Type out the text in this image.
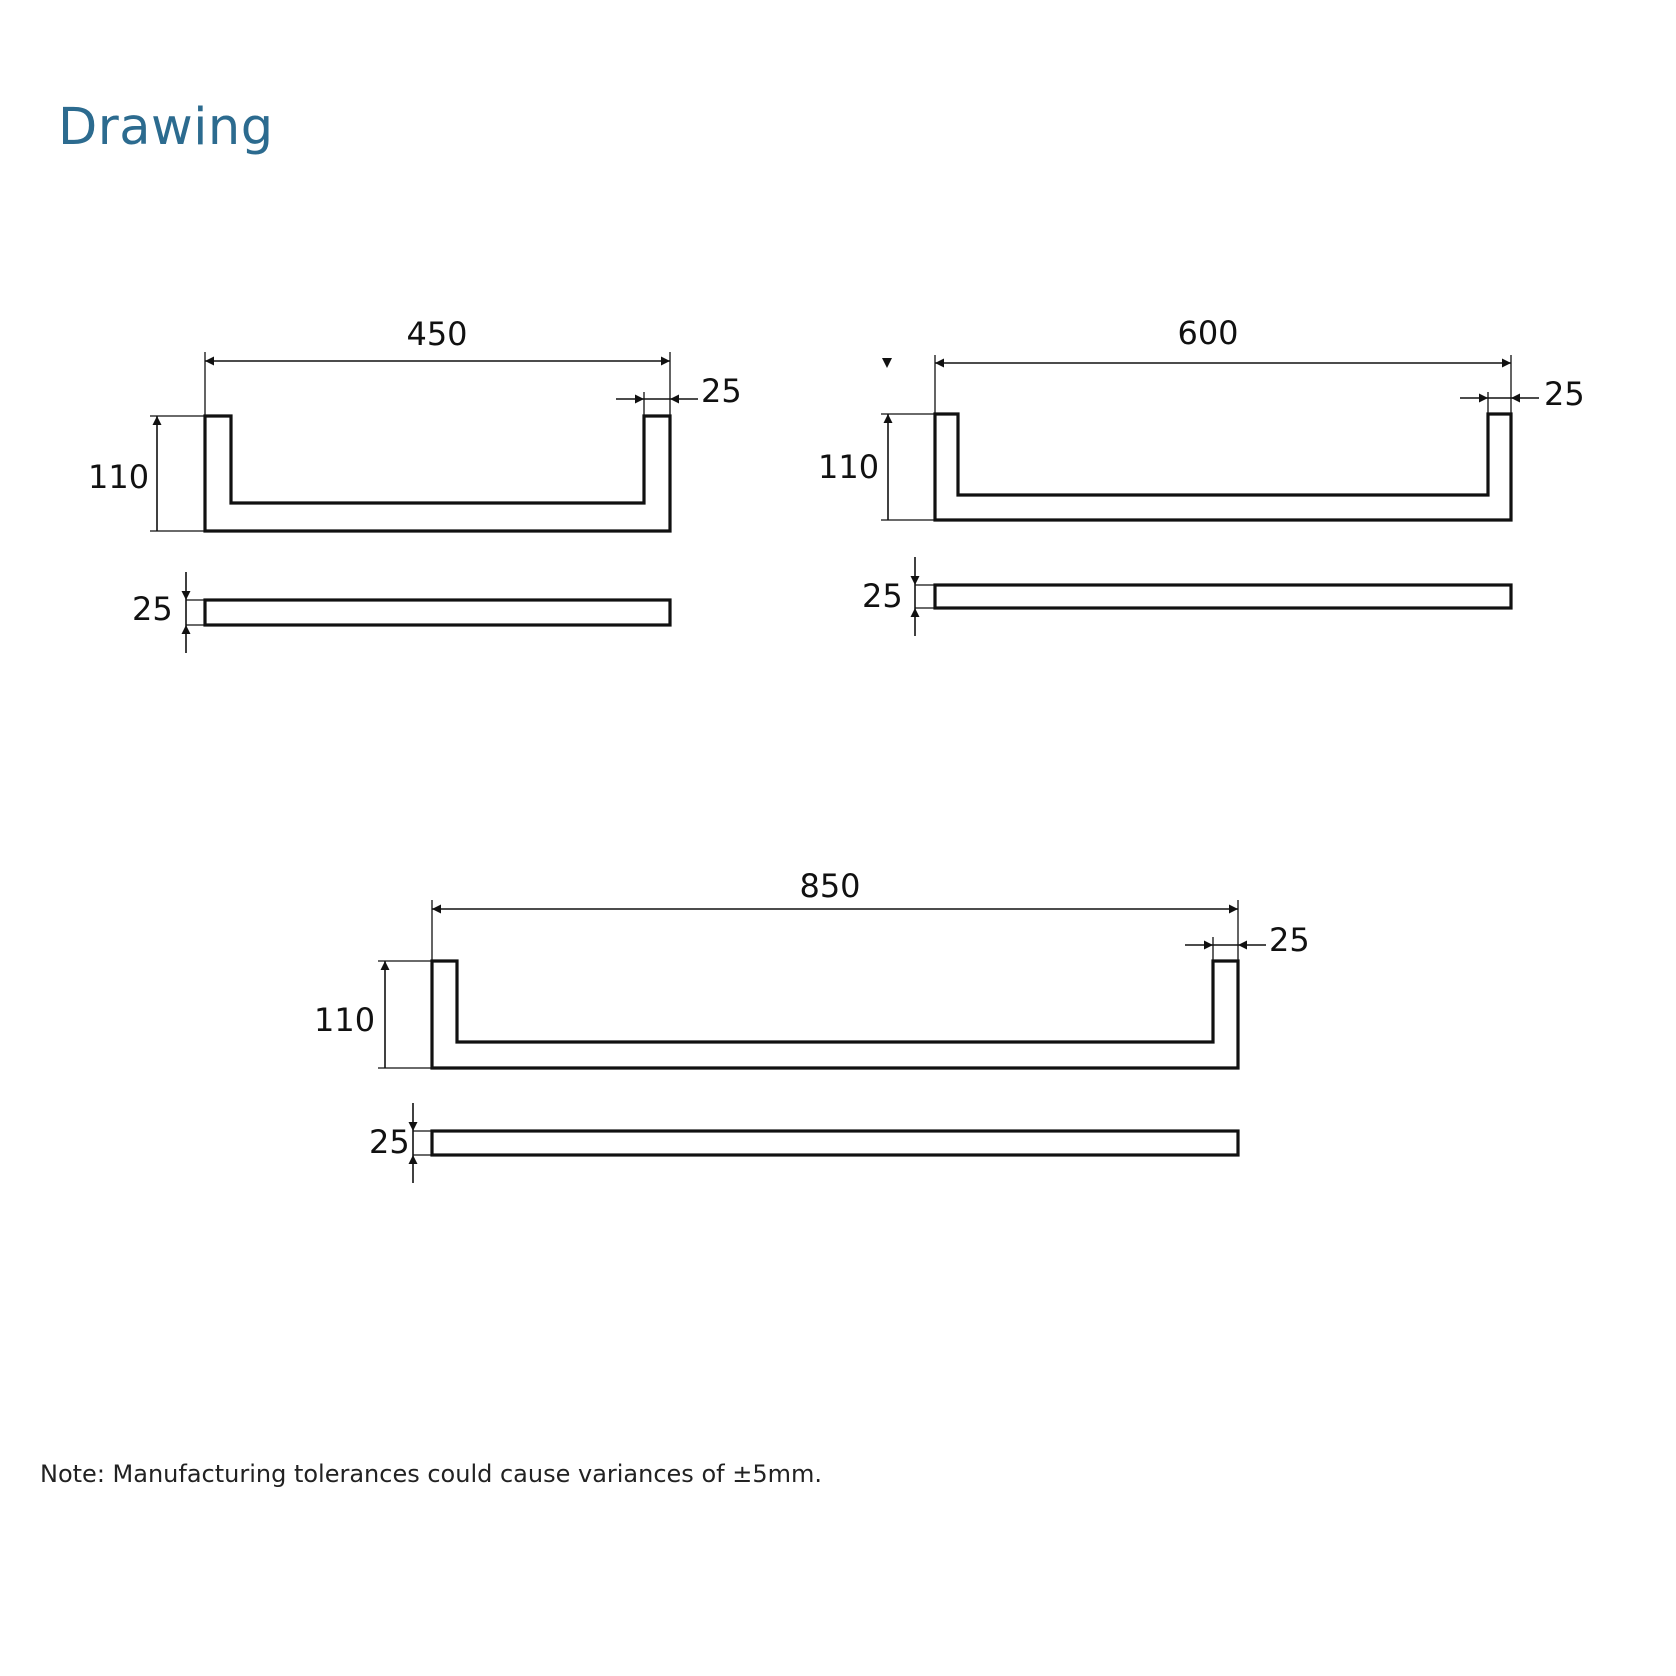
Drawing
450
25
110
25
600
25
110
25
850
25
110
25

Note: Manufacturing tolerances could cause variances of ±5mm.
